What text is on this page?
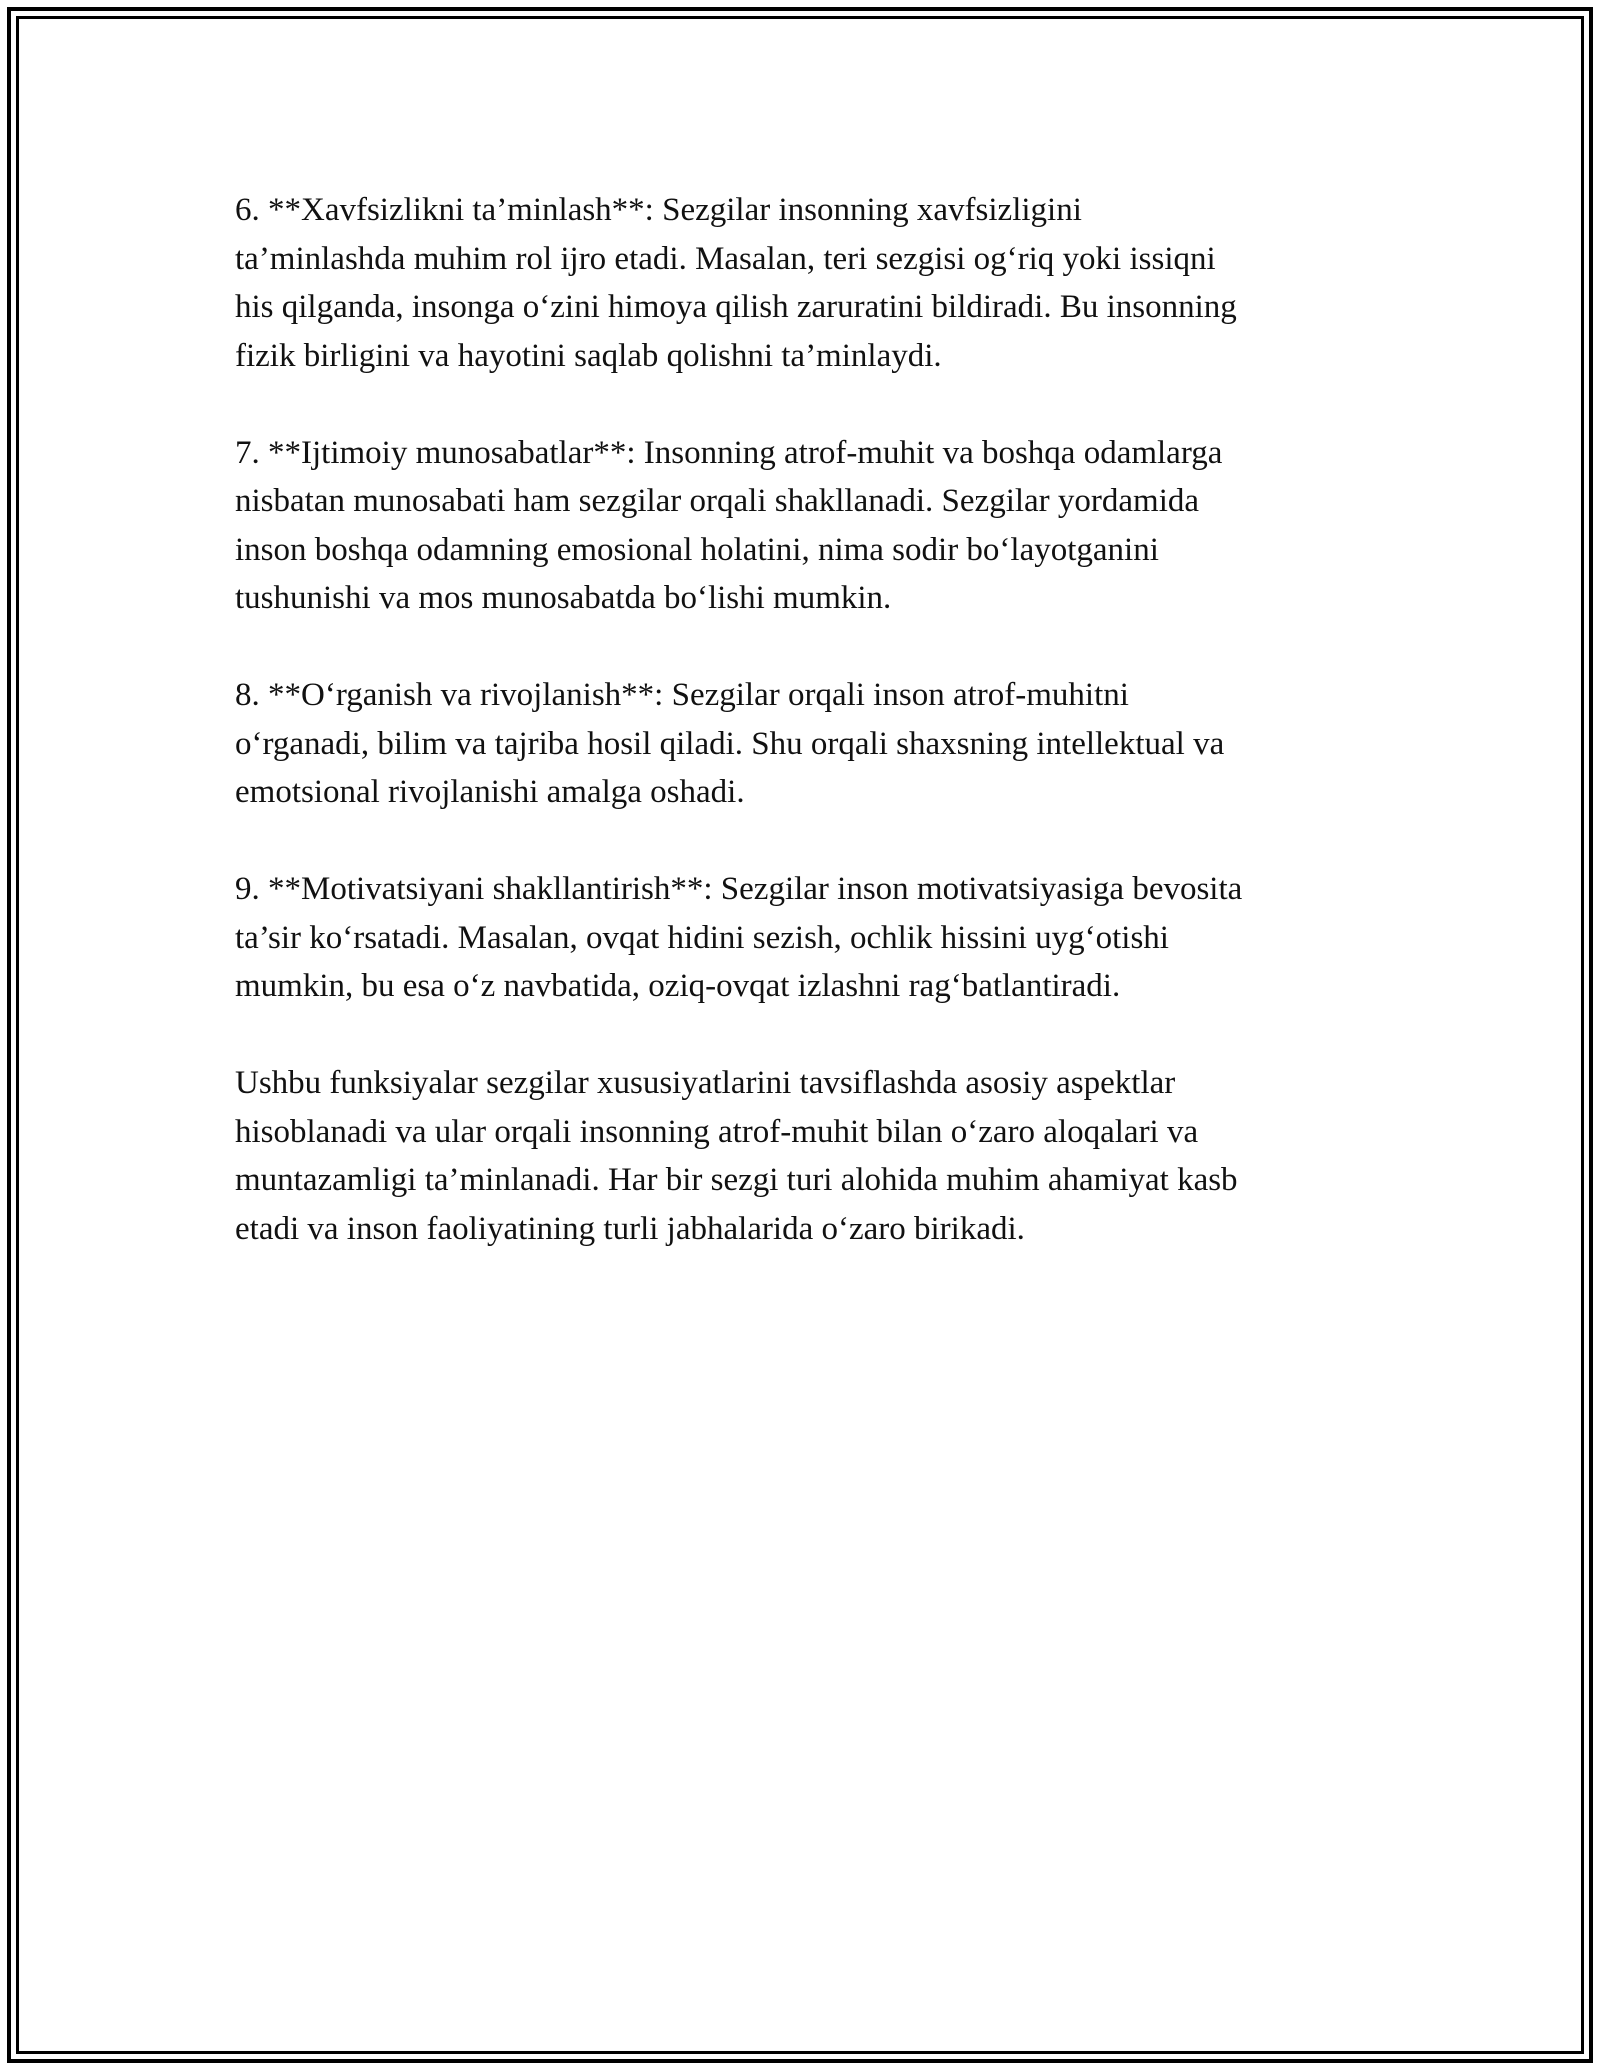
6. **Xavfsizlikni ta’minlash**: Sezgilar insonning xavfsizligini
ta’minlashda muhim rol ijro etadi. Masalan, teri sezgisi og‘riq yoki issiqni
his qilganda, insonga o‘zini himoya qilish zaruratini bildiradi. Bu insonning
fizik birligini va hayotini saqlab qolishni ta’minlaydi.

7. **Ijtimoiy munosabatlar**: Insonning atrof-muhit va boshqa odamlarga
nisbatan munosabati ham sezgilar orqali shakllanadi. Sezgilar yordamida
inson boshqa odamning emosional holatini, nima sodir bo‘layotganini
tushunishi va mos munosabatda bo‘lishi mumkin.

8. **O‘rganish va rivojlanish**: Sezgilar orqali inson atrof-muhitni
o‘rganadi, bilim va tajriba hosil qiladi. Shu orqali shaxsning intellektual va
emotsional rivojlanishi amalga oshadi.

9. **Motivatsiyani shakllantirish**: Sezgilar inson motivatsiyasiga bevosita
ta’sir ko‘rsatadi. Masalan, ovqat hidini sezish, ochlik hissini uyg‘otishi
mumkin, bu esa o‘z navbatida, oziq-ovqat izlashni rag‘batlantiradi.

Ushbu funksiyalar sezgilar xususiyatlarini tavsiflashda asosiy aspektlar
hisoblanadi va ular orqali insonning atrof-muhit bilan o‘zaro aloqalari va
muntazamligi ta’minlanadi. Har bir sezgi turi alohida muhim ahamiyat kasb
etadi va inson faoliyatining turli jabhalarida o‘zaro birikadi.
